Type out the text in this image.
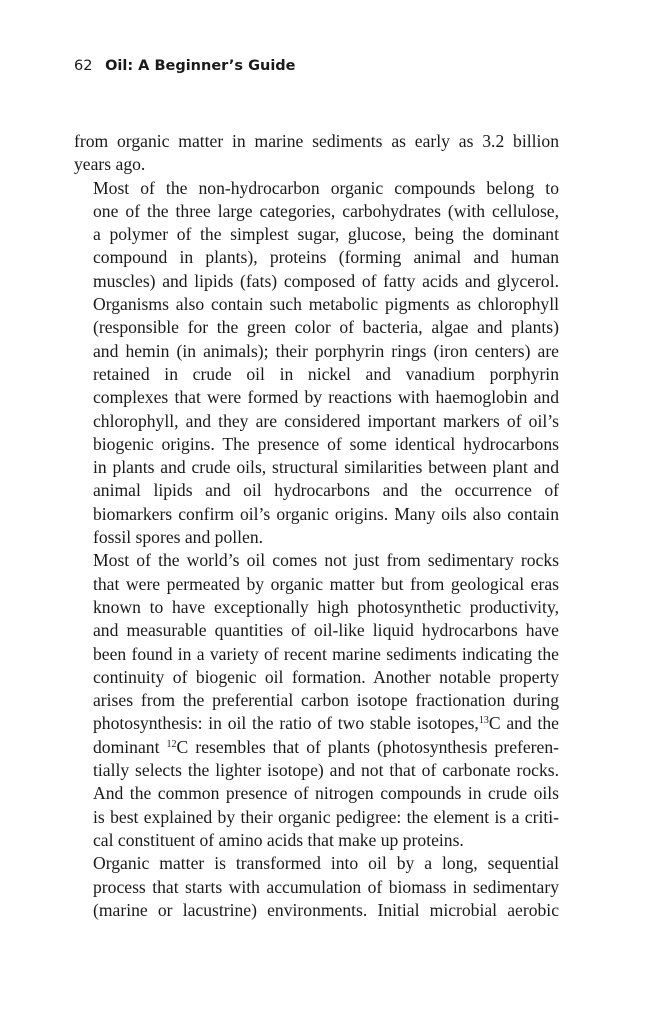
62 Oil: A Beginner’s Guide

from organic matter in marine sediments as early as 3.2 billion
years ago.

Most of the non-hydrocarbon organic compounds belong to
one of the three large categories, carbohydrates (with cellulose,
a polymer of the simplest sugar, glucose, being the dominant
compound in plants), proteins (forming animal and human
muscles) and lipids (fats) composed of fatty acids and glycerol.
Organisms also contain such metabolic pigments as chlorophyll
(responsible for the green color of bacteria, algae and plants)
and hemin (in animals); their porphyrin rings (iron centers) are
retained in crude oil in nickel and vanadium porphyrin
complexes that were formed by reactions with haemoglobin and
chlorophyll, and they are considered important markers of oil’s
biogenic origins. The presence of some identical hydrocarbons
in plants and crude oils, structural similarities between plant and
animal lipids and oil hydrocarbons and the occurrence of
biomarkers confirm oil’s organic origins. Many oils also contain
fossil spores and pollen.

Most of the world’s oil comes not just from sedimentary rocks
that were permeated by organic matter but from geological eras
known to have exceptionally high photosynthetic productivity,
and measurable quantities of oil-like liquid hydrocarbons have
been found in a variety of recent marine sediments indicating the
continuity of biogenic oil formation. Another notable property
arises from the preferential carbon isotope fractionation during
photosynthesis: in oil the ratio of two stable isotopes,$^{13}$C and the
dominant $^{12}$C resembles that of plants (photosynthesis preferen-
tially selects the lighter isotope) and not that of carbonate rocks.
And the common presence of nitrogen compounds in crude oils
is best explained by their organic pedigree: the element is a criti-
cal constituent of amino acids that make up proteins.

Organic matter is transformed into oil by a long, sequential
process that starts with accumulation of biomass in sedimentary
(marine or lacustrine) environments. Initial microbial aerobic
